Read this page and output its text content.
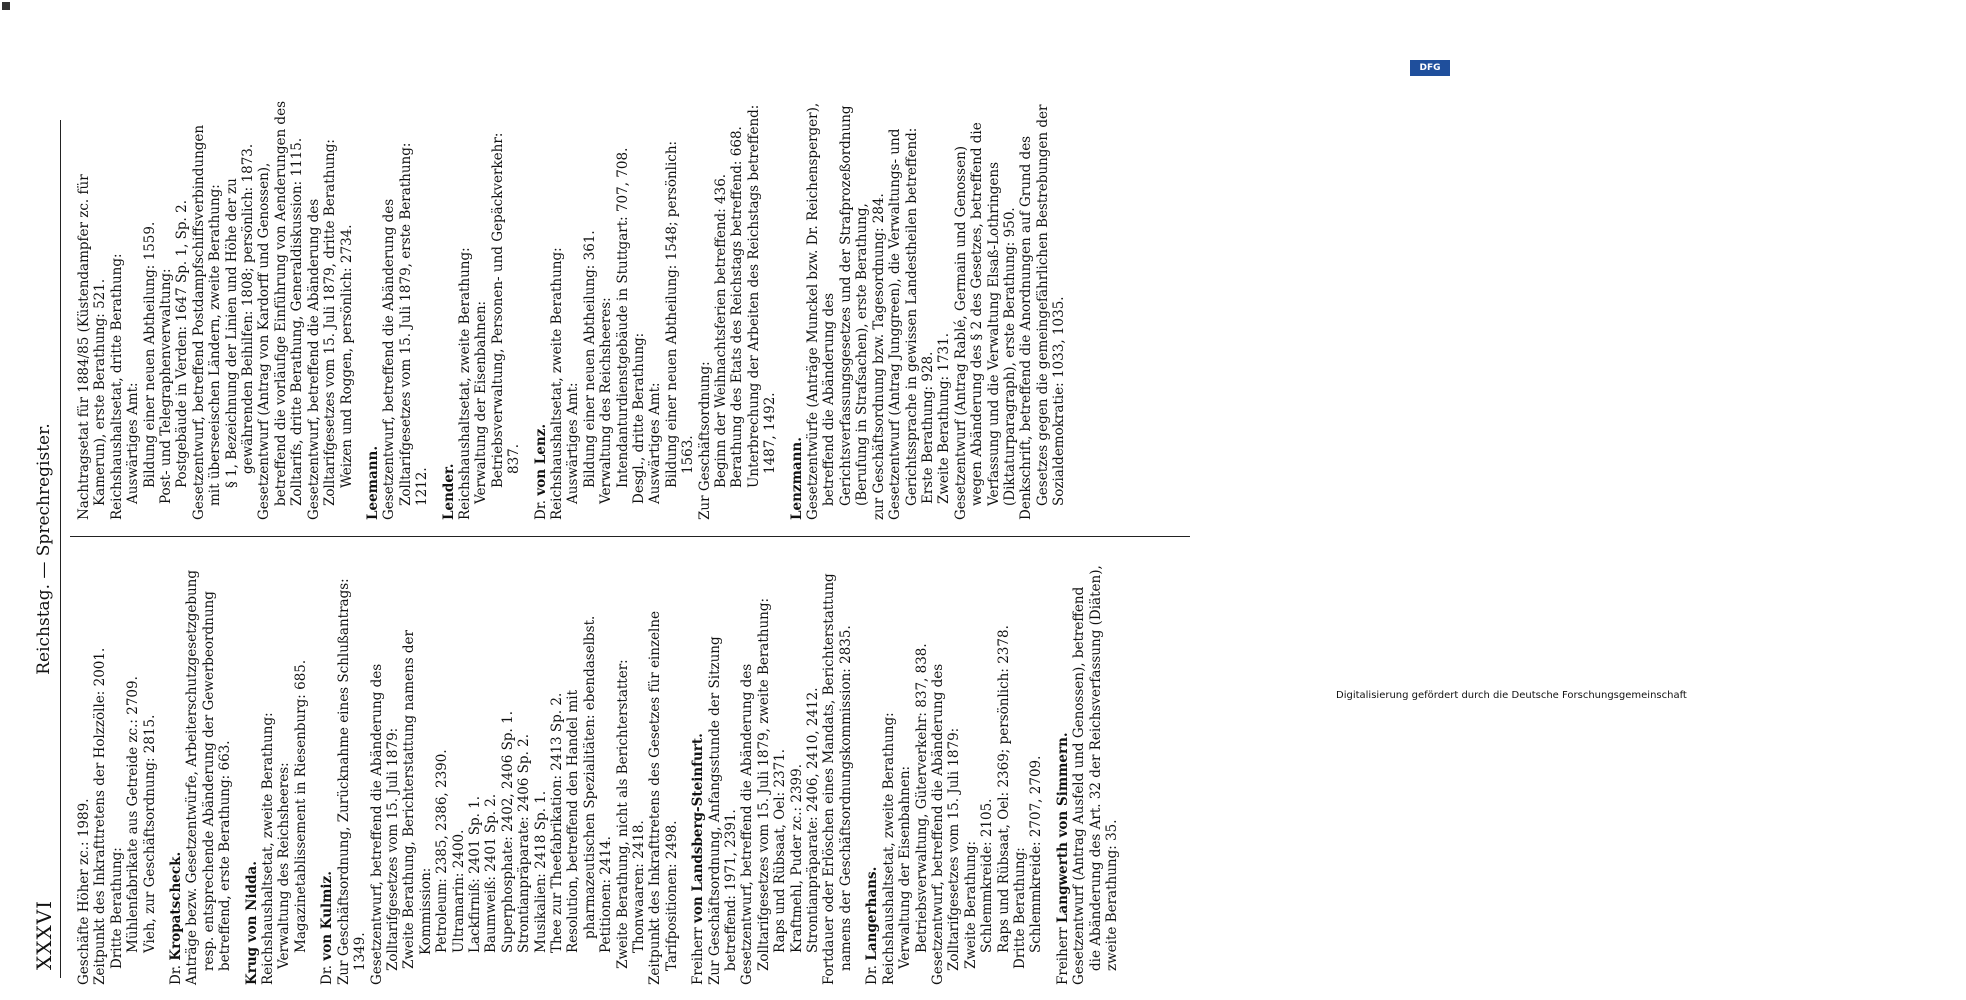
XXXVI
Reichstag. — Sprechregister.

Geschäfte Höher zc.: 1989. Zeitpunkt des Inkrafttretens der Holzzölle: 2001. Dritte Berathung: Mühlenfabrikate aus Getreide zc.: 2709. Vieh, zur Geschäftsordnung: 2815.

Dr. Kropatscheck. Anträge bezw. Gesetzentwürfe, Arbeiterschutzgesetzgebung resp. entsprechende Abänderung der Gewerbeordnung betreffend, erste Berathung: 663. Krug von Nidda. Reichshaushaltsetat, zweite Berathung: Verwaltung des Reichsheeres: Magazinetablissement in Riesenburg: 685.

Dr. von Kulmiz. Zur Geschäftsordnung, Zurücknahme eines Schlußantrags: 1349. Gesetzentwurf, betreffend die Abänderung des Zolltarifgesetzes vom 15. Juli 1879: Zweite Berathung, Berichterstattung namens der Kommission: Petroleum: 2385, 2386, 2390. Ultramarin: 2400. Lackfirniß: 2401 Sp. 1. Baumweiß: 2401 Sp. 2. Superphosphate: 2402, 2406 Sp. 1. Strontianpräparate: 2406 Sp. 2. Musikalien: 2418 Sp. 1. Thee zur Theefabrikation: 2413 Sp. 2. Resolution, betreffend den Handel mit pharmazeutischen Spezialitäten: ebendaselbst. Petitionen: 2414. Zweite Berathung, nicht als Berichterstatter: Thonwaaren: 2418. Zeitpunkt des Inkrafttretens des Gesetzes für einzelne Tarifpositionen: 2498. Freiherr von Landsberg-Steinfurt. Zur Geschäftsordnung, Anfangsstunde der Sitzung betreffend: 1971, 2391. Gesetzentwurf, betreffend die Abänderung des Zolltarifgesetzes vom 15. Juli 1879, zweite Berathung: Raps und Rübsaat, Oel: 2371. Kraftmehl, Puder zc.: 2399. Strontianpräparate: 2406, 2410, 2412. Fortdauer oder Erlöschen eines Mandats, Berichterstattung namens der Geschäftsordnungskommission: 2835.

Dr. Langerhans. Reichshaushaltsetat, zweite Berathung: Verwaltung der Eisenbahnen: Betriebsverwaltung, Güterverkehr: 837, 838. Gesetzentwurf, betreffend die Abänderung des Zolltarifgesetzes vom 15. Juli 1879: Zweite Berathung: Schlemmkreide: 2105. Raps und Rübsaat, Oel: 2369; persönlich: 2378. Dritte Berathung: Schlemmkreide: 2707, 2709.

Freiherr Langwerth von Simmern. Gesetzentwurf (Antrag Ausfeld und Genossen), betreffend die Abänderung des Art. 32 der Reichsverfassung (Diäten), zweite Berathung: 35.

Nachtragsetat für 1884/85 (Küstendampfer zc. für Kamerun), erste Berathung: 521. Reichshaushaltsetat, dritte Berathung: Auswärtiges Amt: Bildung einer neuen Abtheilung: 1559. Post- und Telegraphenverwaltung: Postgebäude in Verden: 1647 Sp. 1, Sp. 2. Gesetzentwurf, betreffend Postdampfschiffsverbindungen mit überseeischen Ländern, zweite Berathung: § 1, Bezeichnung der Linien und Höhe der zu gewährenden Beihilfen: 1808; persönlich: 1873. Gesetzentwurf (Antrag von Kardorff und Genossen), betreffend die vorläufige Einführung von Aenderungen des Zolltarifs, dritte Berathung, Generaldiskussion: 1115. Gesetzentwurf, betreffend die Abänderung des Zolltarifgesetzes vom 15. Juli 1879, dritte Berathung: Weizen und Roggen, persönlich: 2734. Leemann. Gesetzentwurf, betreffend die Abänderung des Zolltarifgesetzes vom 15. Juli 1879, erste Berathung: 1212. Lender. Reichshaushaltsetat, zweite Berathung: Verwaltung der Eisenbahnen: Betriebsverwaltung, Personen- und Gepäckverkehr: 837.

Dr. von Lenz. Reichshaushaltsetat, zweite Berathung: Auswärtiges Amt: Bildung einer neuen Abtheilung: 361. Verwaltung des Reichsheeres: Intendanturdienstgebäude in Stuttgart: 707, 708. Desgl., dritte Berathung: Auswärtiges Amt: Bildung einer neuen Abtheilung: 1548; persönlich: 1563. Zur Geschäftsordnung: Beginn der Weihnachtsferien betreffend: 436. Berathung des Etats des Reichstags betreffend: 668. Unterbrechung der Arbeiten des Reichstags betreffend: 1487, 1492.

Lenzmann. Gesetzentwürfe (Anträge Munckel bzw. Dr. Reichensperger), betreffend die Abänderung des Gerichtsverfassungsgesetzes und der Strafprozeßordnung (Berufung in Strafsachen), erste Berathung, zur Geschäftsordnung bzw. Tagesordnung: 284. Gesetzentwurf (Antrag Junggreen), die Verwaltungs- und Gerichtssprache in gewissen Landestheilen betreffend: Erste Berathung: 928. Zweite Berathung: 1731. Gesetzentwurf (Antrag Rablé, Germain und Genossen) wegen Abänderung des § 2 des Gesetzes, betreffend die Verfassung und die Verwaltung Elsaß-Lothringens (Diktaturparagraph), erste Berathung: 950. Denkschrift, betreffend die Anordnungen auf Grund des Gesetzes gegen die gemeingefährlichen Bestrebungen der Sozialdemokratie: 1033, 1035.

Digitalisierung gefördert durch die Deutsche Forschungsgemeinschaft
DFG
